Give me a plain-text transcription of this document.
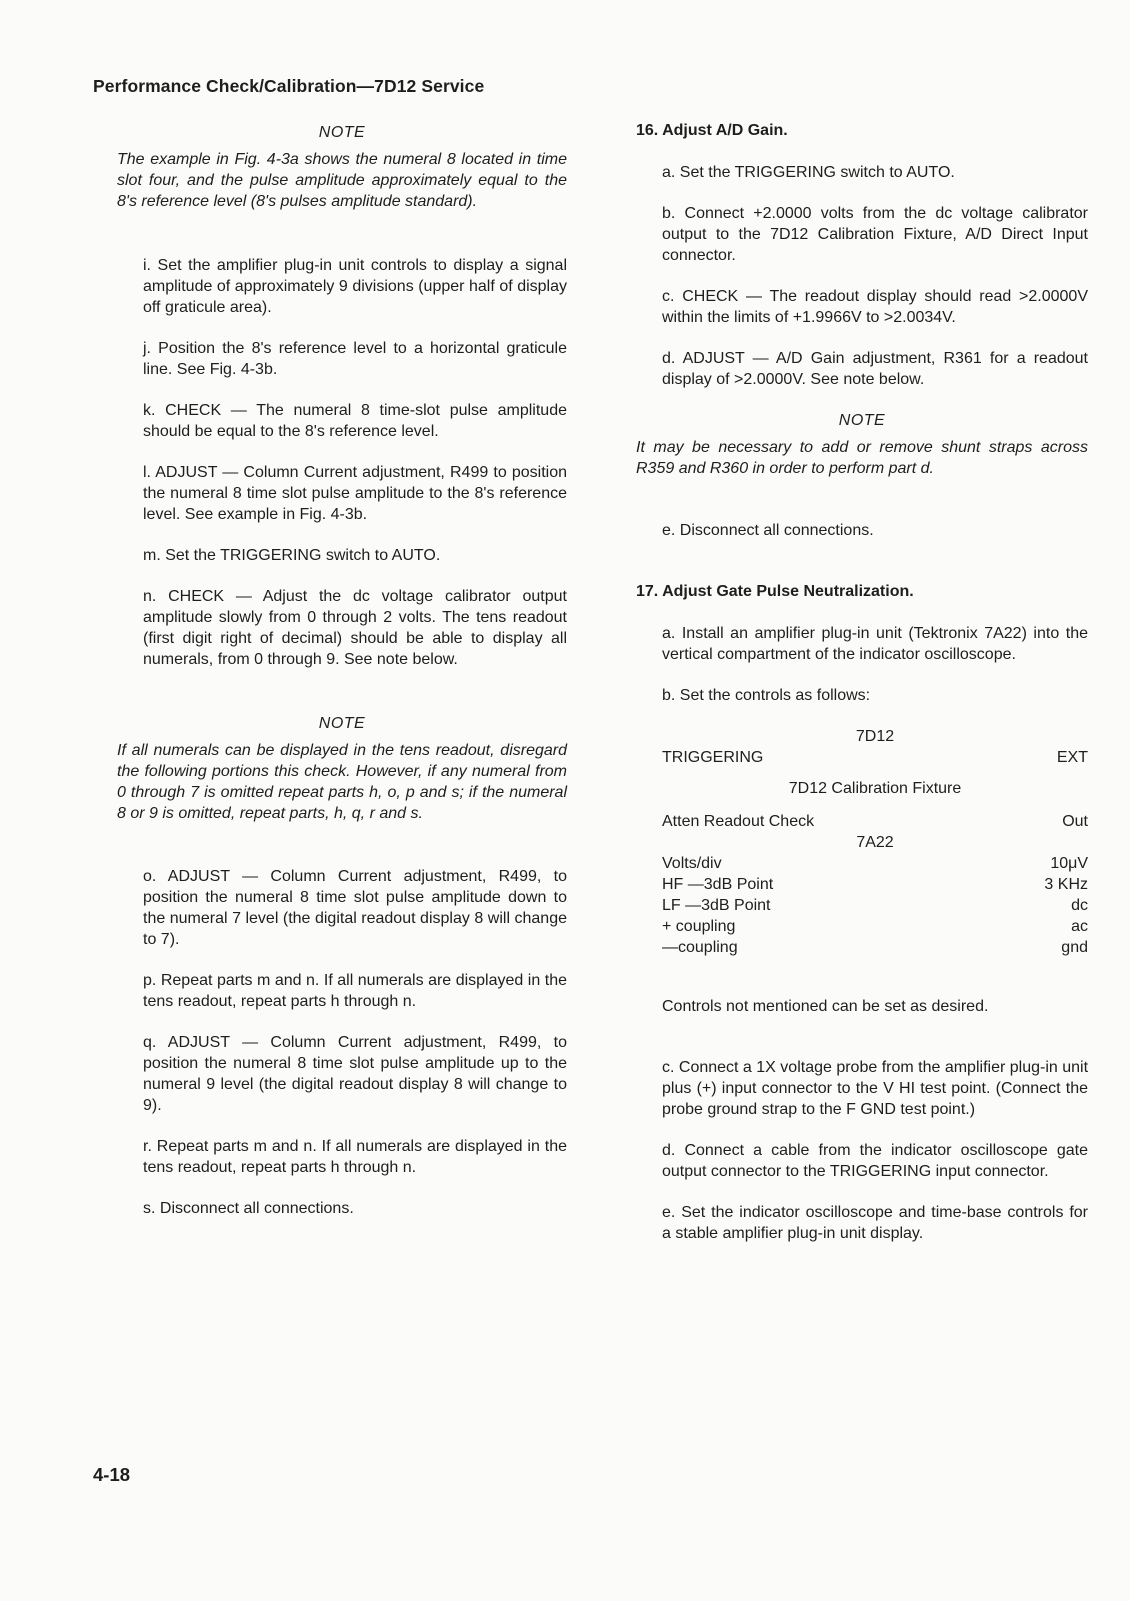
Performance Check/Calibration—7D12 Service

NOTE

The example in Fig. 4-3a shows the numeral 8 located in time slot four, and the pulse amplitude approximately equal to the 8's reference level (8's pulses amplitude standard).

i. Set the amplifier plug-in unit controls to display a signal amplitude of approximately 9 divisions (upper half of display off graticule area).

j. Position the 8's reference level to a horizontal graticule line. See Fig. 4-3b.

k. CHECK — The numeral 8 time-slot pulse amplitude should be equal to the 8's reference level.

l. ADJUST — Column Current adjustment, R499 to position the numeral 8 time slot pulse amplitude to the 8's reference level. See example in Fig. 4-3b.

m. Set the TRIGGERING switch to AUTO.

n. CHECK — Adjust the dc voltage calibrator output amplitude slowly from 0 through 2 volts. The tens readout (first digit right of decimal) should be able to display all numerals, from 0 through 9. See note below.

NOTE

If all numerals can be displayed in the tens readout, disregard the following portions this check. However, if any numeral from 0 through 7 is omitted repeat parts h, o, p and s; if the numeral 8 or 9 is omitted, repeat parts, h, q, r and s.

o. ADJUST — Column Current adjustment, R499, to position the numeral 8 time slot pulse amplitude down to the numeral 7 level (the digital readout display 8 will change to 7).

p. Repeat parts m and n. If all numerals are displayed in the tens readout, repeat parts h through n.

q. ADJUST — Column Current adjustment, R499, to position the numeral 8 time slot pulse amplitude up to the numeral 9 level (the digital readout display 8 will change to 9).

r. Repeat parts m and n. If all numerals are displayed in the tens readout, repeat parts h through n.

s. Disconnect all connections.

16. Adjust A/D Gain.

a. Set the TRIGGERING switch to AUTO.

b. Connect +2.0000 volts from the dc voltage calibrator output to the 7D12 Calibration Fixture, A/D Direct Input connector.

c. CHECK — The readout display should read >2.0000V within the limits of +1.9966V to >2.0034V.

d. ADJUST — A/D Gain adjustment, R361 for a readout display of >2.0000V. See note below.

NOTE

It may be necessary to add or remove shunt straps across R359 and R360 in order to perform part d.

e. Disconnect all connections.

17. Adjust Gate Pulse Neutralization.

a. Install an amplifier plug-in unit (Tektronix 7A22) into the vertical compartment of the indicator oscilloscope.

b. Set the controls as follows:

7D12

TRIGGERING	EXT

7D12 Calibration Fixture

Atten Readout Check	Out

7A22

Volts/div	10μV
HF —3dB Point	3 KHz
LF —3dB Point	dc
+ coupling	ac
—coupling	gnd

Controls not mentioned can be set as desired.

c. Connect a 1X voltage probe from the amplifier plug-in unit plus (+) input connector to the V HI test point. (Connect the probe ground strap to the F GND test point.)

d. Connect a cable from the indicator oscilloscope gate output connector to the TRIGGERING input connector.

e. Set the indicator oscilloscope and time-base controls for a stable amplifier plug-in unit display.

4-18
